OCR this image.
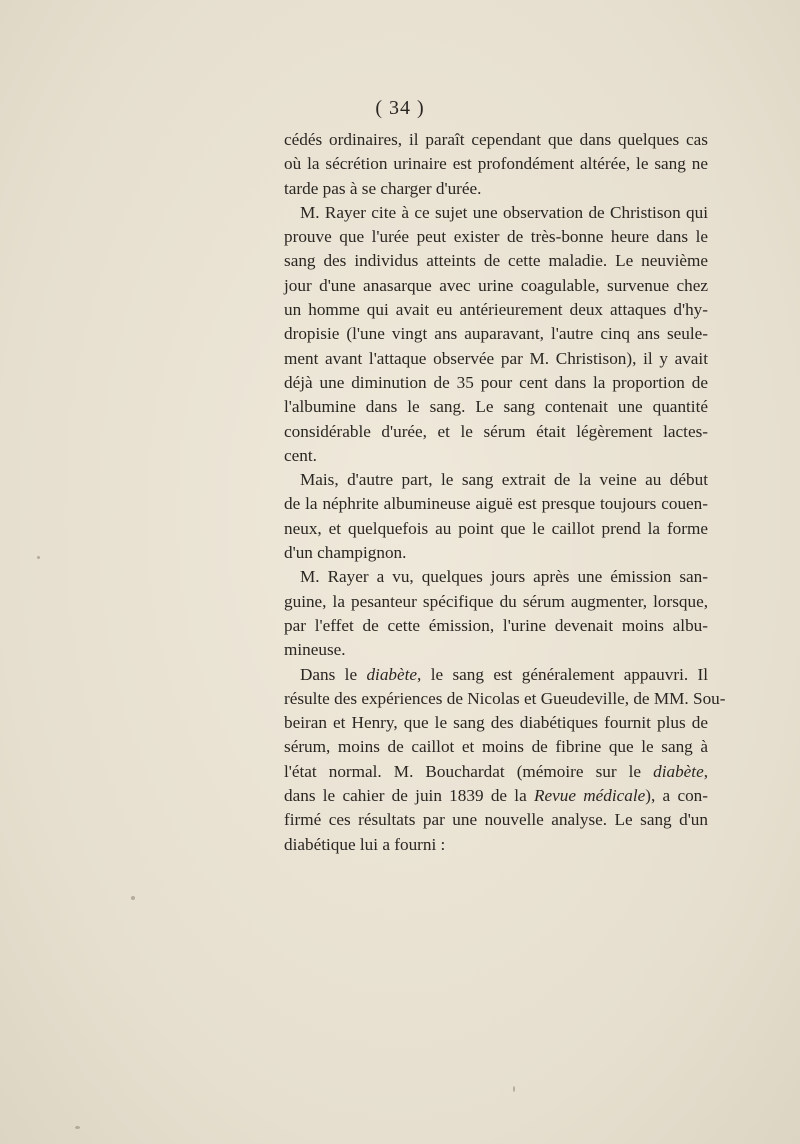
( 34 )
cédés ordinaires, il paraît cependant que dans quelques cas
où la sécrétion urinaire est profondément altérée, le sang ne
tarde pas à se charger d'urée.
M. Rayer cite à ce sujet une observation de Christison qui
prouve que l'urée peut exister de très-bonne heure dans le
sang des individus atteints de cette maladie. Le neuvième
jour d'une anasarque avec urine coagulable, survenue chez
un homme qui avait eu antérieurement deux attaques d'hy-
dropisie (l'une vingt ans auparavant, l'autre cinq ans seule-
ment avant l'attaque observée par M. Christison), il y avait
déjà une diminution de 35 pour cent dans la proportion de
l'albumine dans le sang. Le sang contenait une quantité
considérable d'urée, et le sérum était légèrement lactes-
cent.
Mais, d'autre part, le sang extrait de la veine au début
de la néphrite albumineuse aiguë est presque toujours couen-
neux, et quelquefois au point que le caillot prend la forme
d'un champignon.
M. Rayer a vu, quelques jours après une émission san-
guine, la pesanteur spécifique du sérum augmenter, lorsque,
par l'effet de cette émission, l'urine devenait moins albu-
mineuse.
Dans le diabète, le sang est généralement appauvri. Il
résulte des expériences de Nicolas et Gueudeville, de MM. Sou-
beiran et Henry, que le sang des diabétiques fournit plus de
sérum, moins de caillot et moins de fibrine que le sang à
l'état normal. M. Bouchardat (mémoire sur le diabète,
dans le cahier de juin 1839 de la Revue médicale), a con-
firmé ces résultats par une nouvelle analyse. Le sang d'un
diabétique lui a fourni :
